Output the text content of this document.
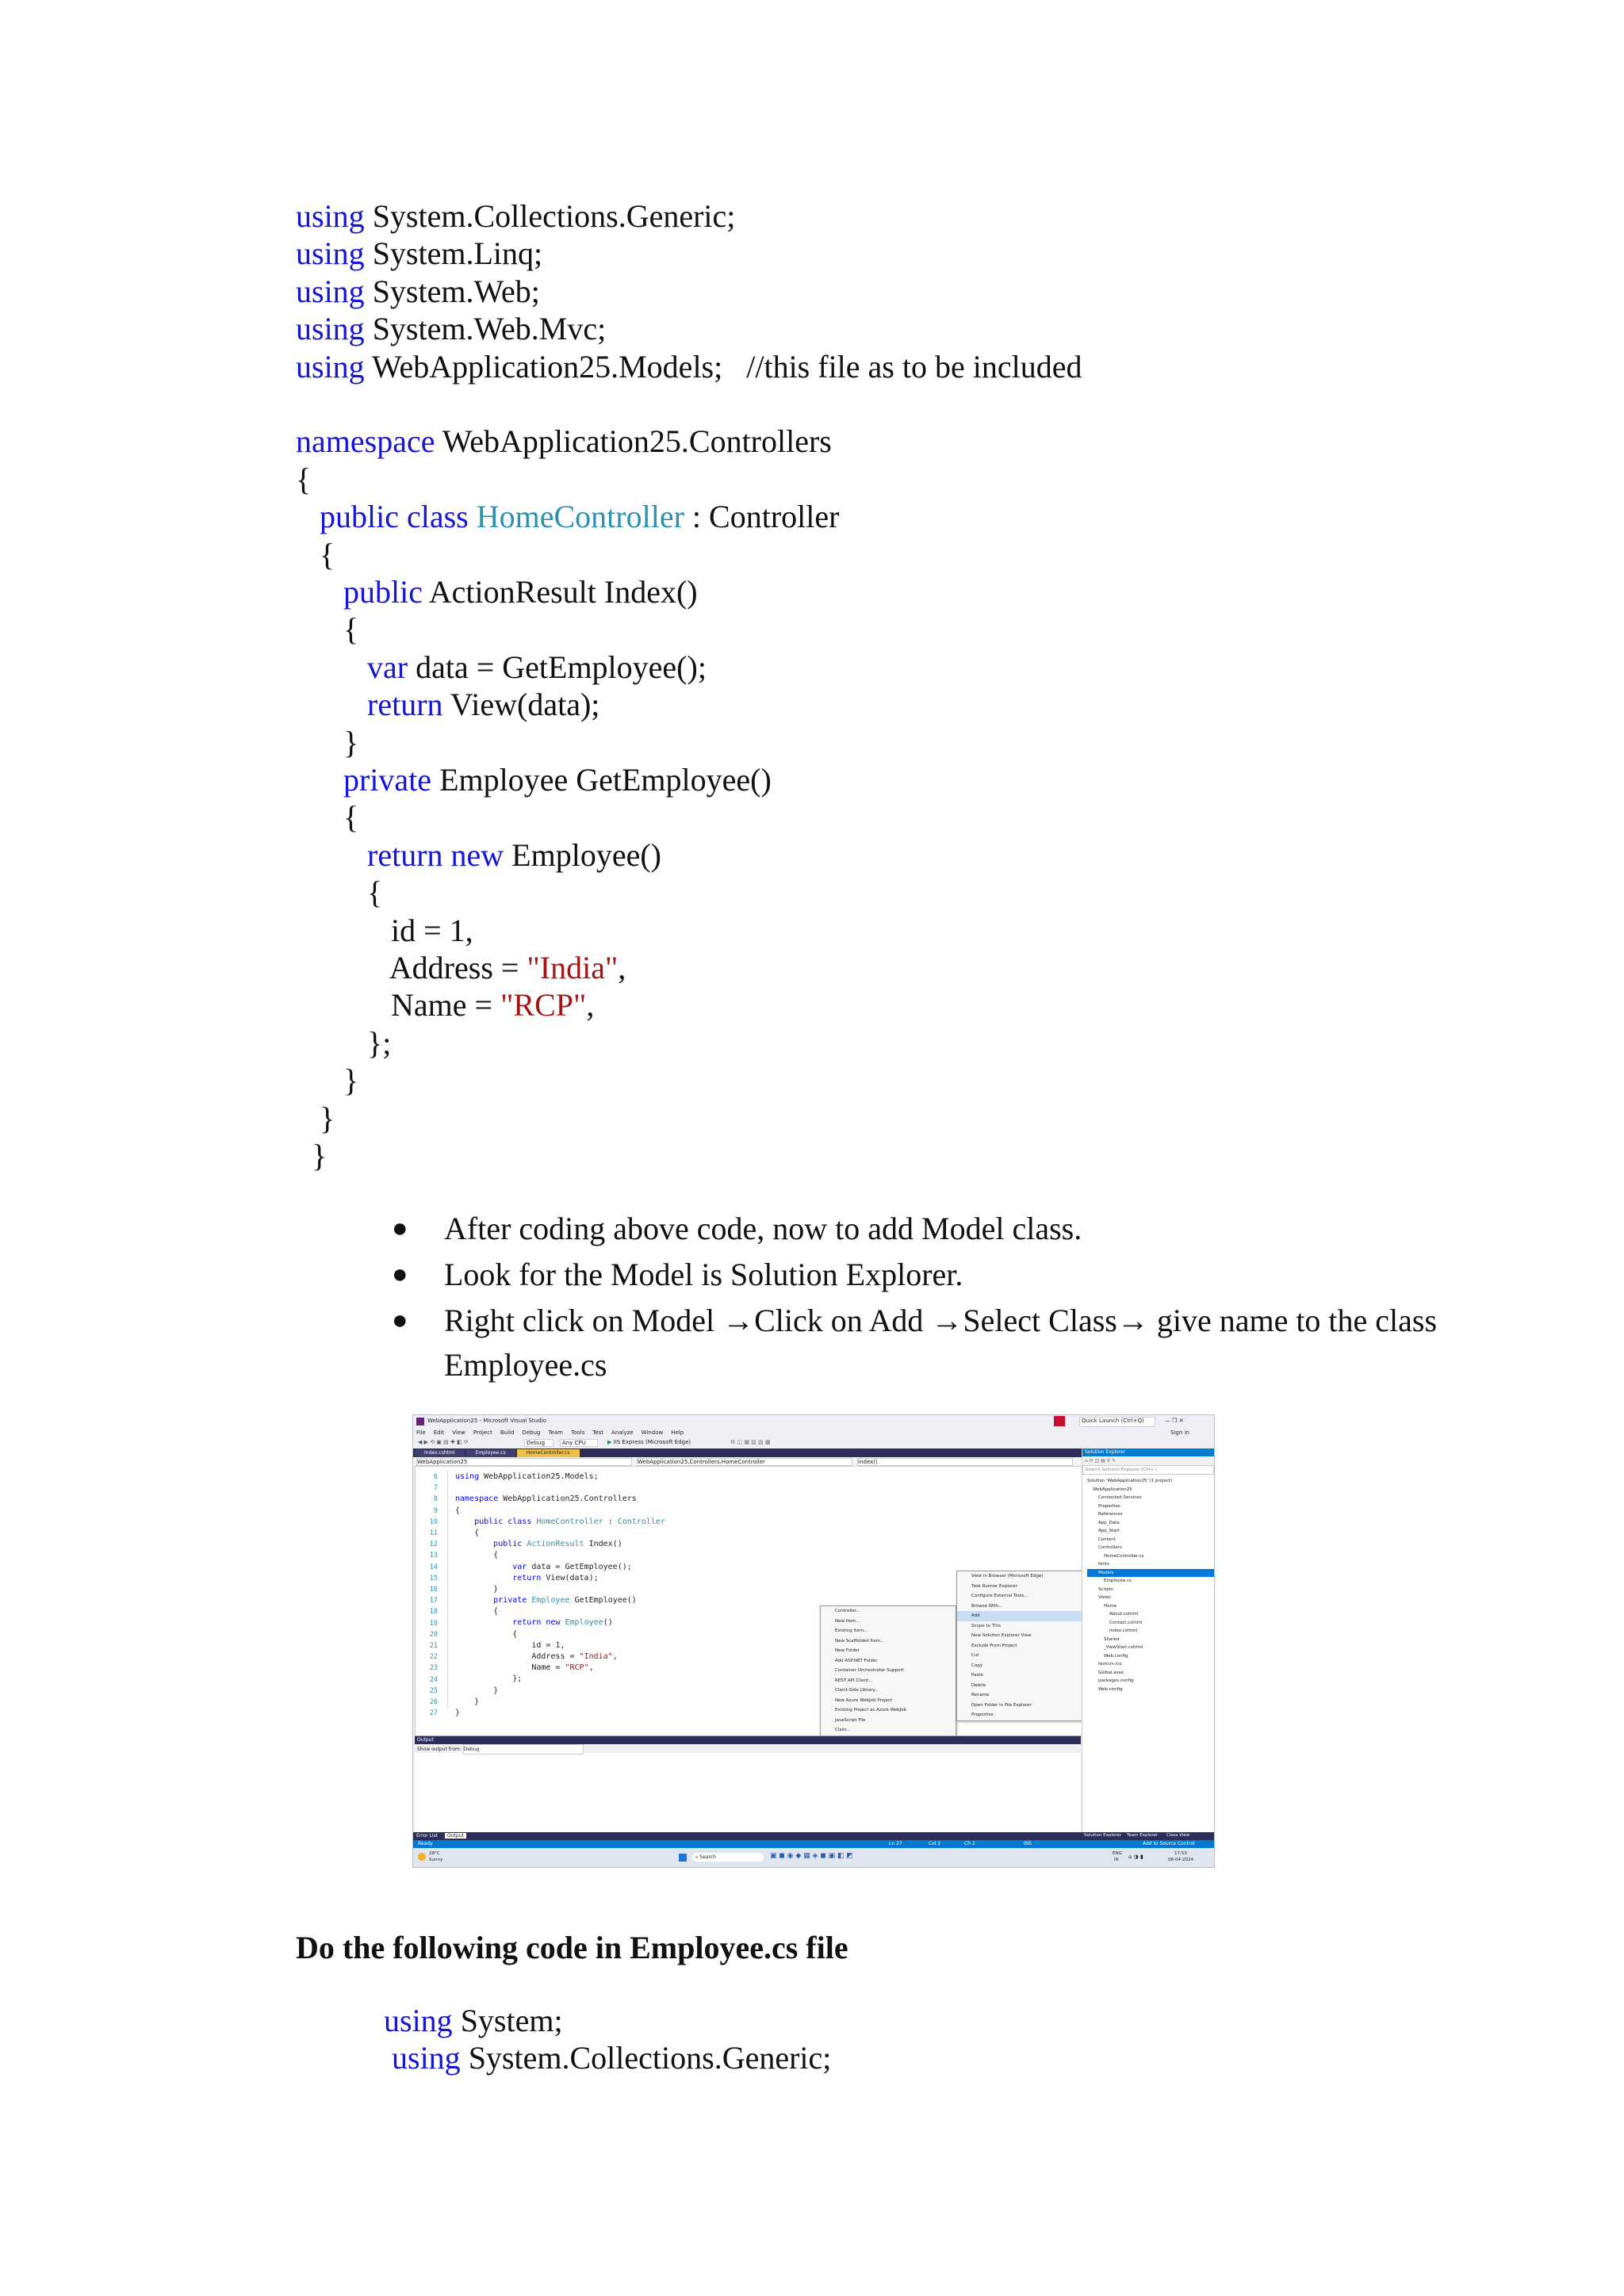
using System.Collections.Generic;
using System.Linq;
using System.Web;
using System.Web.Mvc;
using WebApplication25.Models;   //this file as to be included
namespace WebApplication25.Controllers
{
public class HomeController : Controller
{
public ActionResult Index()
{
var data = GetEmployee();
return View(data);
}
private Employee GetEmployee()
{
return new Employee()
{
id = 1,
Address = "India",
Name = "RCP",
};
}
}
}
● After coding above code, now to add Model class.
● Look for the Model is Solution Explorer.
● Right click on Model →Click on Add →Select Class→ give name to the class Employee.cs
WebApplication25 - Microsoft Visual Studio	Quick Launch (Ctrl+Q)	— ❐ ✕
File Edit View Project Build Debug Team Tools Test Analyze Window Help	Sign in
◀ ▶ ⟲ ▣ ▤ ✚ ◧ ⟳	Debug	Any CPU	▶ IIS Express (Microsoft Edge)	⚙ ◫ ▦ ▧ ▨ ▩
Index.cshtml	Employee.cs	HomeController.cs
WebApplication25	WebApplication25.Controllers.HomeController	Index()
6
7
8
9
10
11
12
13
14
15
16
17
18
19
20
21
22
23
24
25
26
27
using WebApplication25.Models;
namespace WebApplication25.Controllers
{
public class HomeController : Controller
{
public ActionResult Index()
{
var data = GetEmployee();
return View(data);
}
private Employee GetEmployee()
{
return new Employee()
{
id = 1,
Address = "India",
Name = "RCP",
};
}
}
}
Controller...
New Item...
Existing Item...
New Scaffolded Item...
New Folder
Add ASP.NET Folder
Container Orchestrator Support
REST API Client...
Client-Side Library...
New Azure WebJob Project
Existing Project as Azure WebJob
JavaScript File
Class...
View in Browser (Microsoft Edge)
Task Runner Explorer
Configure External Tools...
Browse With...
Add
Scope to This
New Solution Explorer View
Exclude From Project
Cut
Copy
Paste
Delete
Rename
Open Folder in File Explorer
Properties
Solution Explorer
⌂ ⟳ ◫ ▤ ⚲ ✎
Search Solution Explorer (Ctrl+;)
Solution 'WebApplication25' (1 project)
WebApplication25
Connected Services
Properties
References
App_Data
App_Start
Content
Controllers
HomeController.cs
fonts
Models
Employee.cs
Scripts
Views
Home
About.cshtml
Contact.cshtml
Index.cshtml
Shared
_ViewStart.cshtml
Web.config
favicon.ico
Global.asax
packages.config
Web.config
Output
Show output from: Debug
Error List	Output	Solution Explorer Team Explorer Class View
Ready	Ln 27	Col 2	Ch 2	INS	Add to Source Control
28°C
Sunny	⌕ Search	▣ ◼ ◉ ◆ ▦ ◈ ◼ ▣ ◧ ◩	ENG
IN ⌂ ◑ ▮	17:53
08-04-2024
Do the following code in Employee.cs file
using System;
using System.Collections.Generic;
